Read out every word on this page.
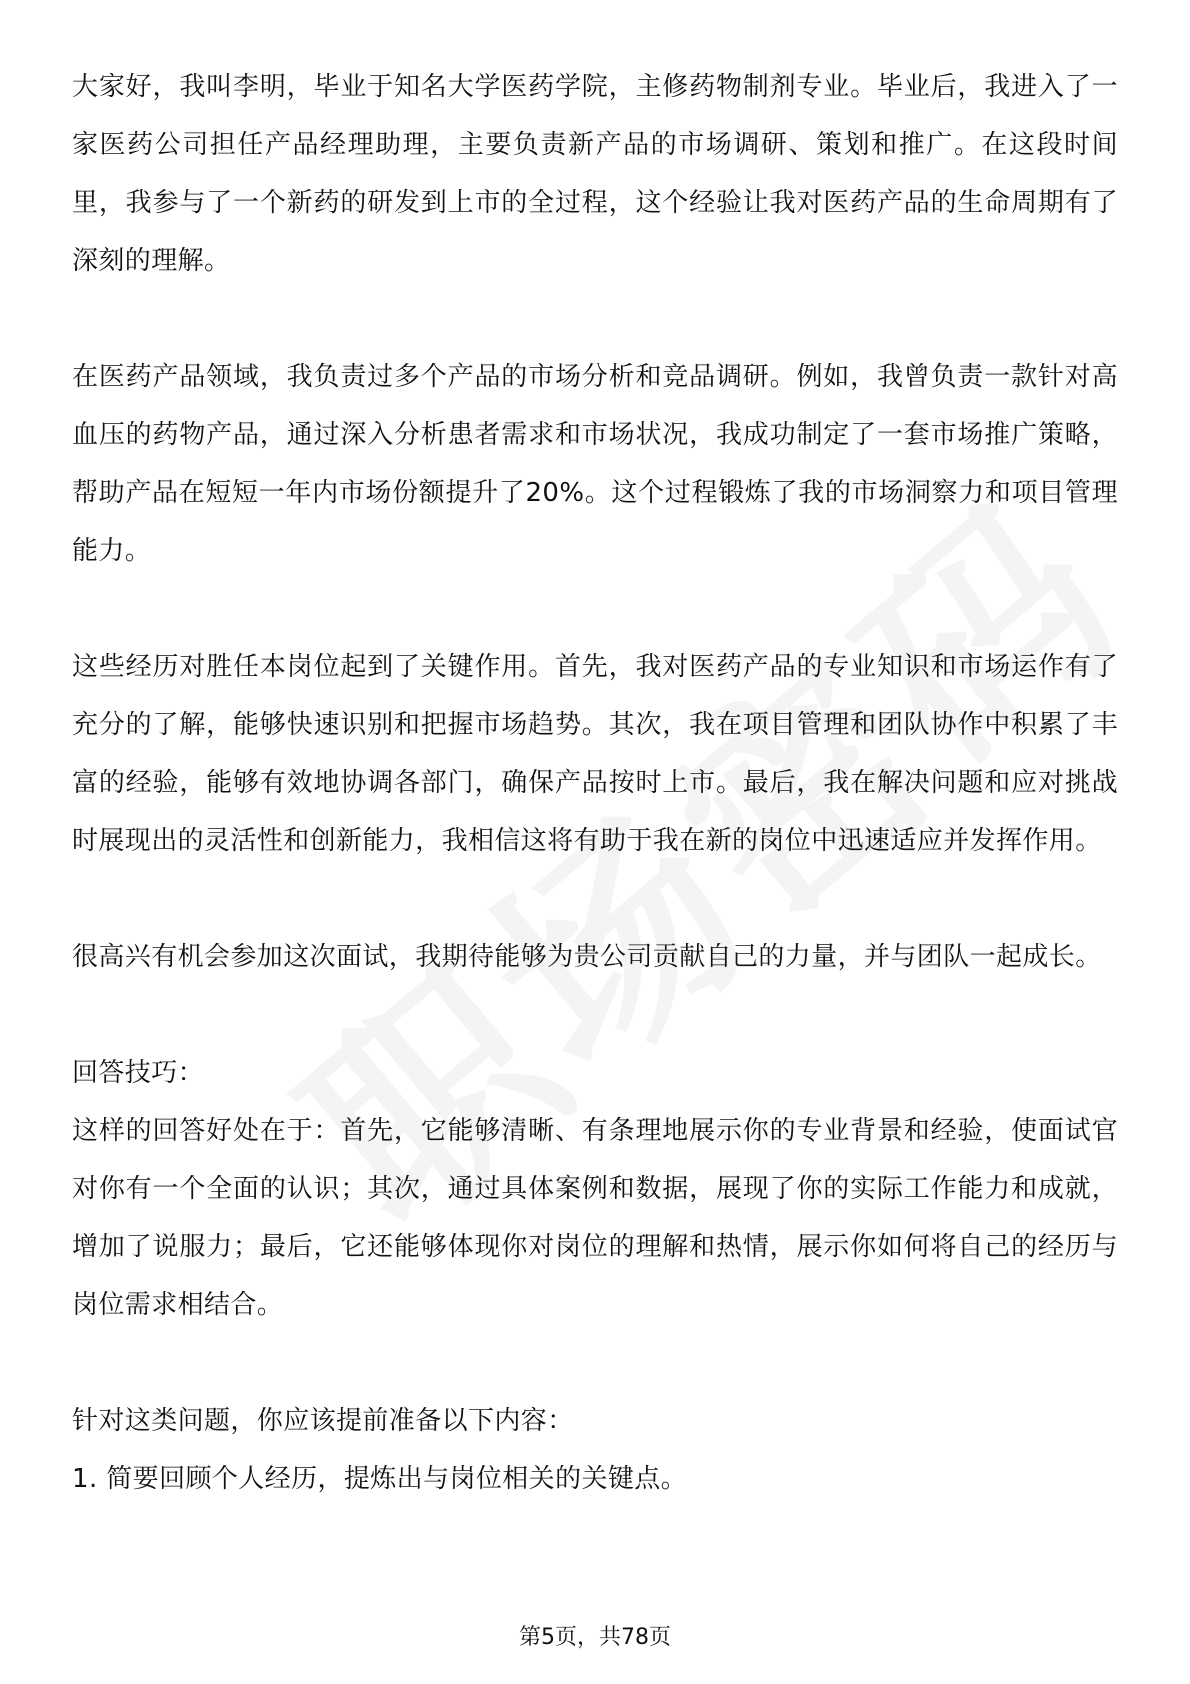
大家好，我叫李明，毕业于知名大学医药学院，主修药物制剂专业。毕业后，我进入了一家医药公司担任产品经理助理，主要负责新产品的市场调研、策划和推广。在这段时间里，我参与了一个新药的研发到上市的全过程，这个经验让我对医药产品的生命周期有了深刻的理解。

在医药产品领域，我负责过多个产品的市场分析和竞品调研。例如，我曾负责一款针对高血压的药物产品，通过深入分析患者需求和市场状况，我成功制定了一套市场推广策略，帮助产品在短短一年内市场份额提升了20%。这个过程锻炼了我的市场洞察力和项目管理能力。

这些经历对胜任本岗位起到了关键作用。首先，我对医药产品的专业知识和市场运作有了充分的了解，能够快速识别和把握市场趋势。其次，我在项目管理和团队协作中积累了丰富的经验，能够有效地协调各部门，确保产品按时上市。最后，我在解决问题和应对挑战时展现出的灵活性和创新能力，我相信这将有助于我在新的岗位中迅速适应并发挥作用。

很高兴有机会参加这次面试，我期待能够为贵公司贡献自己的力量，并与团队一起成长。

回答技巧：

这样的回答好处在于：首先，它能够清晰、有条理地展示你的专业背景和经验，使面试官对你有一个全面的认识；其次，通过具体案例和数据，展现了你的实际工作能力和成就，增加了说服力；最后，它还能够体现你对岗位的理解和热情，展示你如何将自己的经历与岗位需求相结合。

针对这类问题，你应该提前准备以下内容：

1. 简要回顾个人经历，提炼出与岗位相关的关键点。

第5页，共78页
